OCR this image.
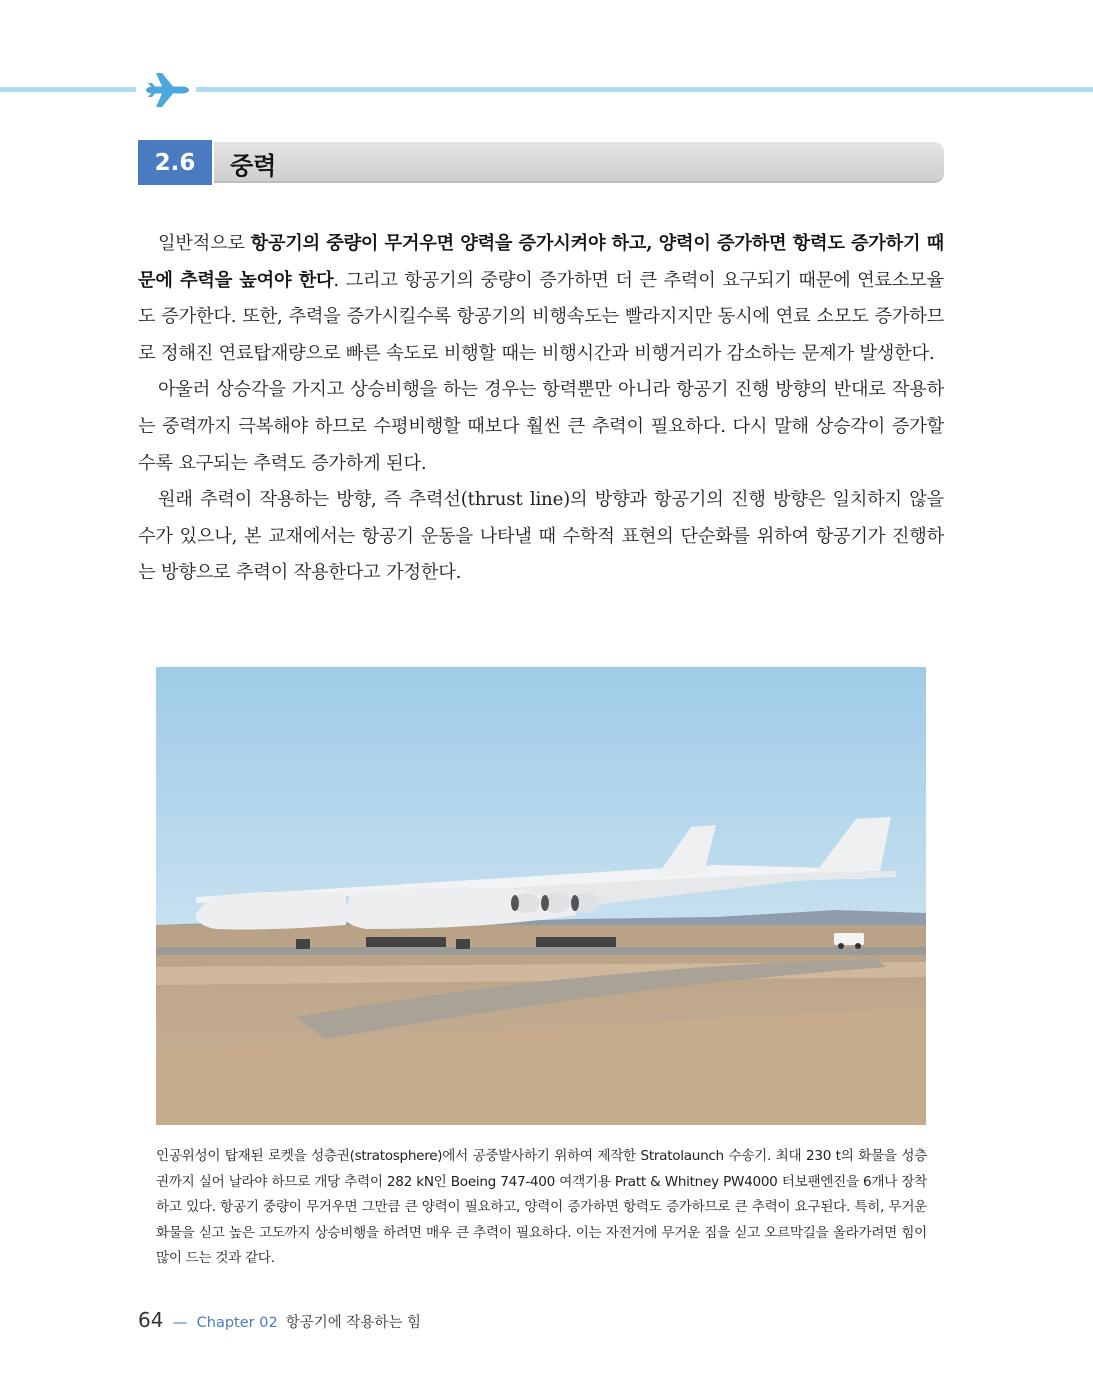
2.6	중력

일반적으로 항공기의 중량이 무거우면 양력을 증가시켜야 하고, 양력이 증가하면 항력도 증가하기 때문에 추력을 높여야 한다. 그리고 항공기의 중량이 증가하면 더 큰 추력이 요구되기 때문에 연료소모율도 증가한다. 또한, 추력을 증가시킬수록 항공기의 비행속도는 빨라지지만 동시에 연료 소모도 증가하므로 정해진 연료탑재량으로 빠른 속도로 비행할 때는 비행시간과 비행거리가 감소하는 문제가 발생한다.

아울러 상승각을 가지고 상승비행을 하는 경우는 항력뿐만 아니라 항공기 진행 방향의 반대로 작용하는 중력까지 극복해야 하므로 수평비행할 때보다 훨씬 큰 추력이 필요하다. 다시 말해 상승각이 증가할수록 요구되는 추력도 증가하게 된다.

원래 추력이 작용하는 방향, 즉 추력선(thrust line)의 방향과 항공기의 진행 방향은 일치하지 않을 수가 있으나, 본 교재에서는 항공기 운동을 나타낼 때 수학적 표현의 단순화를 위하여 항공기가 진행하는 방향으로 추력이 작용한다고 가정한다.

인공위성이 탑재된 로켓을 성층권(stratosphere)에서 공중발사하기 위하여 제작한 Stratolaunch 수송기. 최대 230 t의 화물을 성층권까지 실어 날라야 하므로 개당 추력이 282 kN인 Boeing 747-400 여객기용 Pratt & Whitney PW4000 터보팬엔진을 6개나 장착하고 있다. 항공기 중량이 무거우면 그만큼 큰 양력이 필요하고, 양력이 증가하면 항력도 증가하므로 큰 추력이 요구된다. 특히, 무거운 화물을 싣고 높은 고도까지 상승비행을 하려면 매우 큰 추력이 필요하다. 이는 자전거에 무거운 짐을 싣고 오르막길을 올라가려면 힘이 많이 드는 것과 같다.
64 — Chapter 02 항공기에 작용하는 힘
